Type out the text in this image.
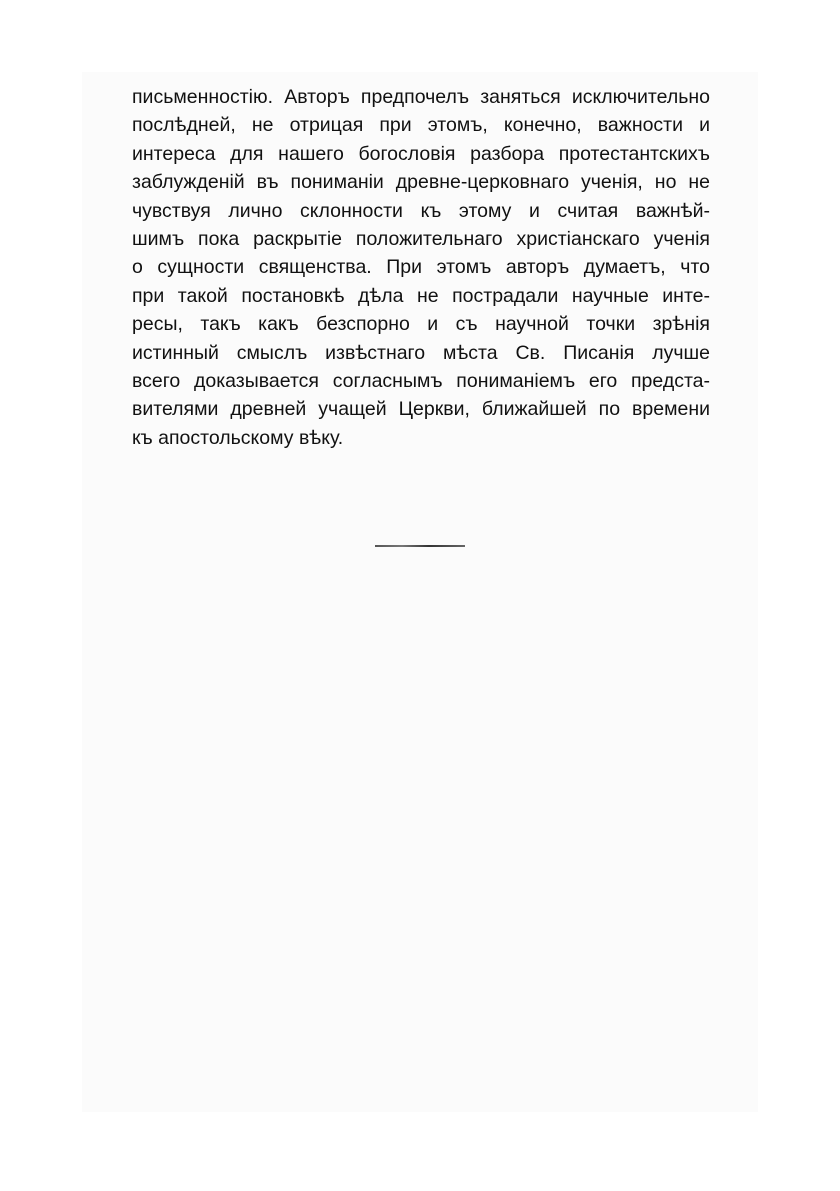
письменностію. Авторъ предпочелъ заняться исключительно
послѣдней, не отрицая при этомъ, конечно, важности и
интереса для нашего богословія разбора протестантскихъ
заблужденій въ пониманіи древне-церковнаго ученія, но не
чувствуя лично склонности къ этому и считая важнѣй-
шимъ пока раскрытіе положительнаго христіанскаго ученія
о сущности священства. При этомъ авторъ думаетъ, что
при такой постановкѣ дѣла не пострадали научные инте-
ресы, такъ какъ безспорно и съ научной точки зрѣнія
истинный смыслъ извѣстнаго мѣста Св. Писанія лучше
всего доказывается согласнымъ пониманіемъ его предста-
вителями древней учащей Церкви, ближайшей по времени
къ апостольскому вѣку.
